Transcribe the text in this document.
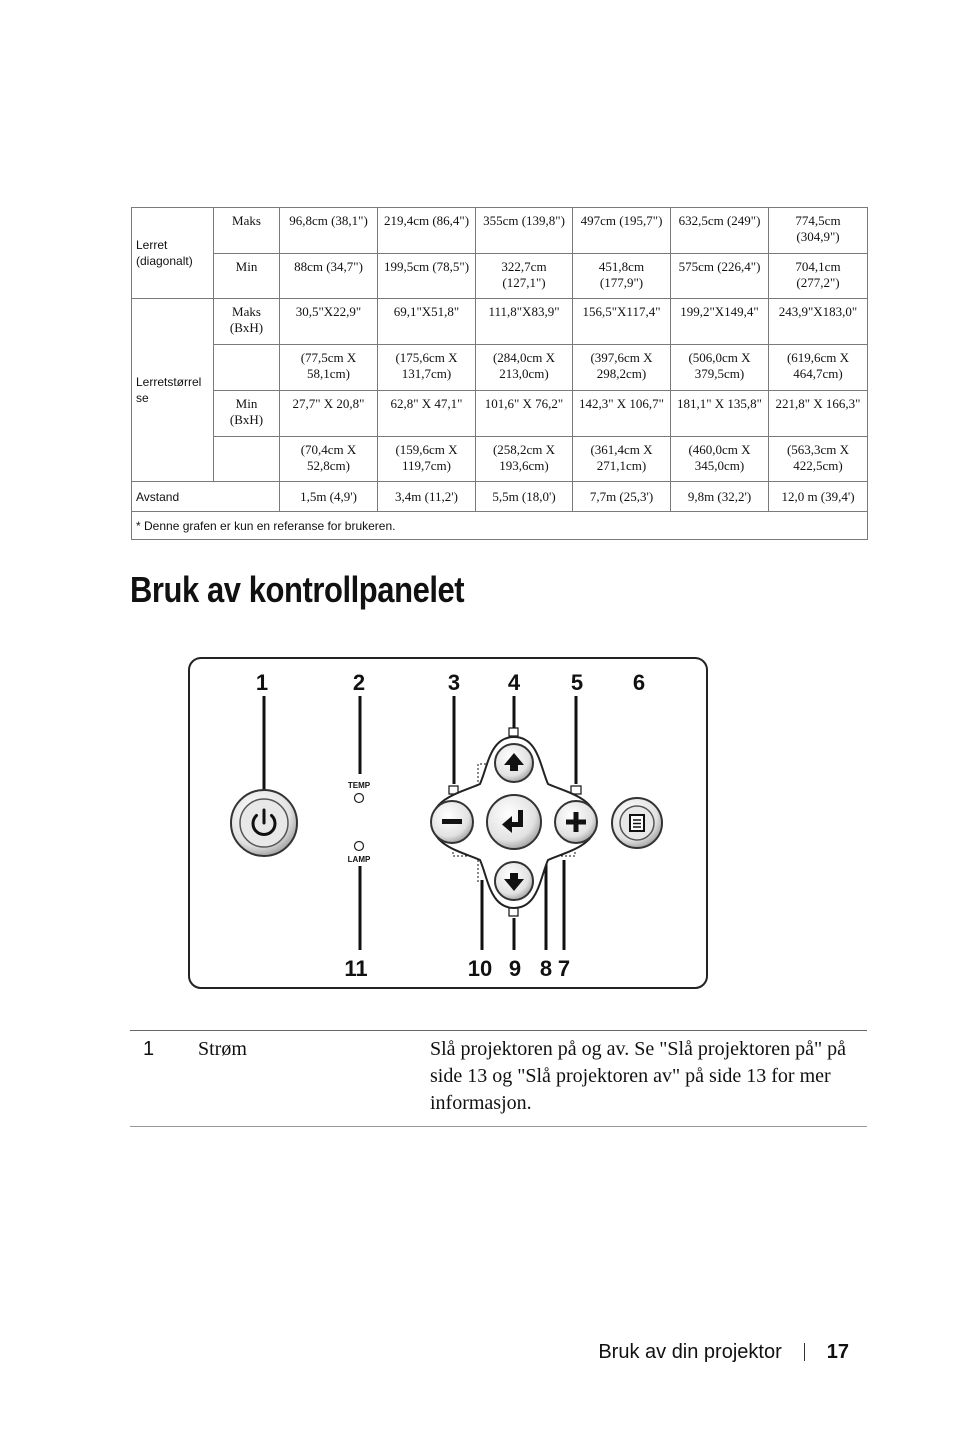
Lerret (diagonalt)	Maks	96,8cm (38,1")	219,4cm (86,4")	355cm (139,8")	497cm (195,7")	632,5cm (249")	774,5cm (304,9")
	Min	88cm (34,7")	199,5cm (78,5")	322,7cm (127,1")	451,8cm (177,9")	575cm (226,4")	704,1cm (277,2")
Lerretstørrel se	Maks (BxH)	30,5"X22,9"	69,1"X51,8"	111,8"X83,9"	156,5"X117,4"	199,2"X149,4"	243,9"X183,0"
		(77,5cm X 58,1cm)	(175,6cm X 131,7cm)	(284,0cm X 213,0cm)	(397,6cm X 298,2cm)	(506,0cm X 379,5cm)	(619,6cm X 464,7cm)
	Min (BxH)	27,7" X 20,8"	62,8" X 47,1"	101,6" X 76,2"	142,3" X 106,7"	181,1" X 135,8"	221,8" X 166,3"
		(70,4cm X 52,8cm)	(159,6cm X 119,7cm)	(258,2cm X 193,6cm)	(361,4cm X 271,1cm)	(460,0cm X 345,0cm)	(563,3cm X 422,5cm)
Avstand		1,5m (4,9')	3,4m (11,2')	5,5m (18,0')	7,7m (25,3')	9,8m (32,2')	12,0 m (39,4')
* Denne grafen er kun en referanse for brukeren.							
Bruk av kontrollpanelet
1	2	3 4 5 6
11	10 9 8 7
TEMP
LAMP
1	Strøm	Slå projektoren på og av. Se "Slå projektoren på" på side 13 og "Slå projektoren av" på side 13 for mer informasjon.
Bruk av din projektor 17
